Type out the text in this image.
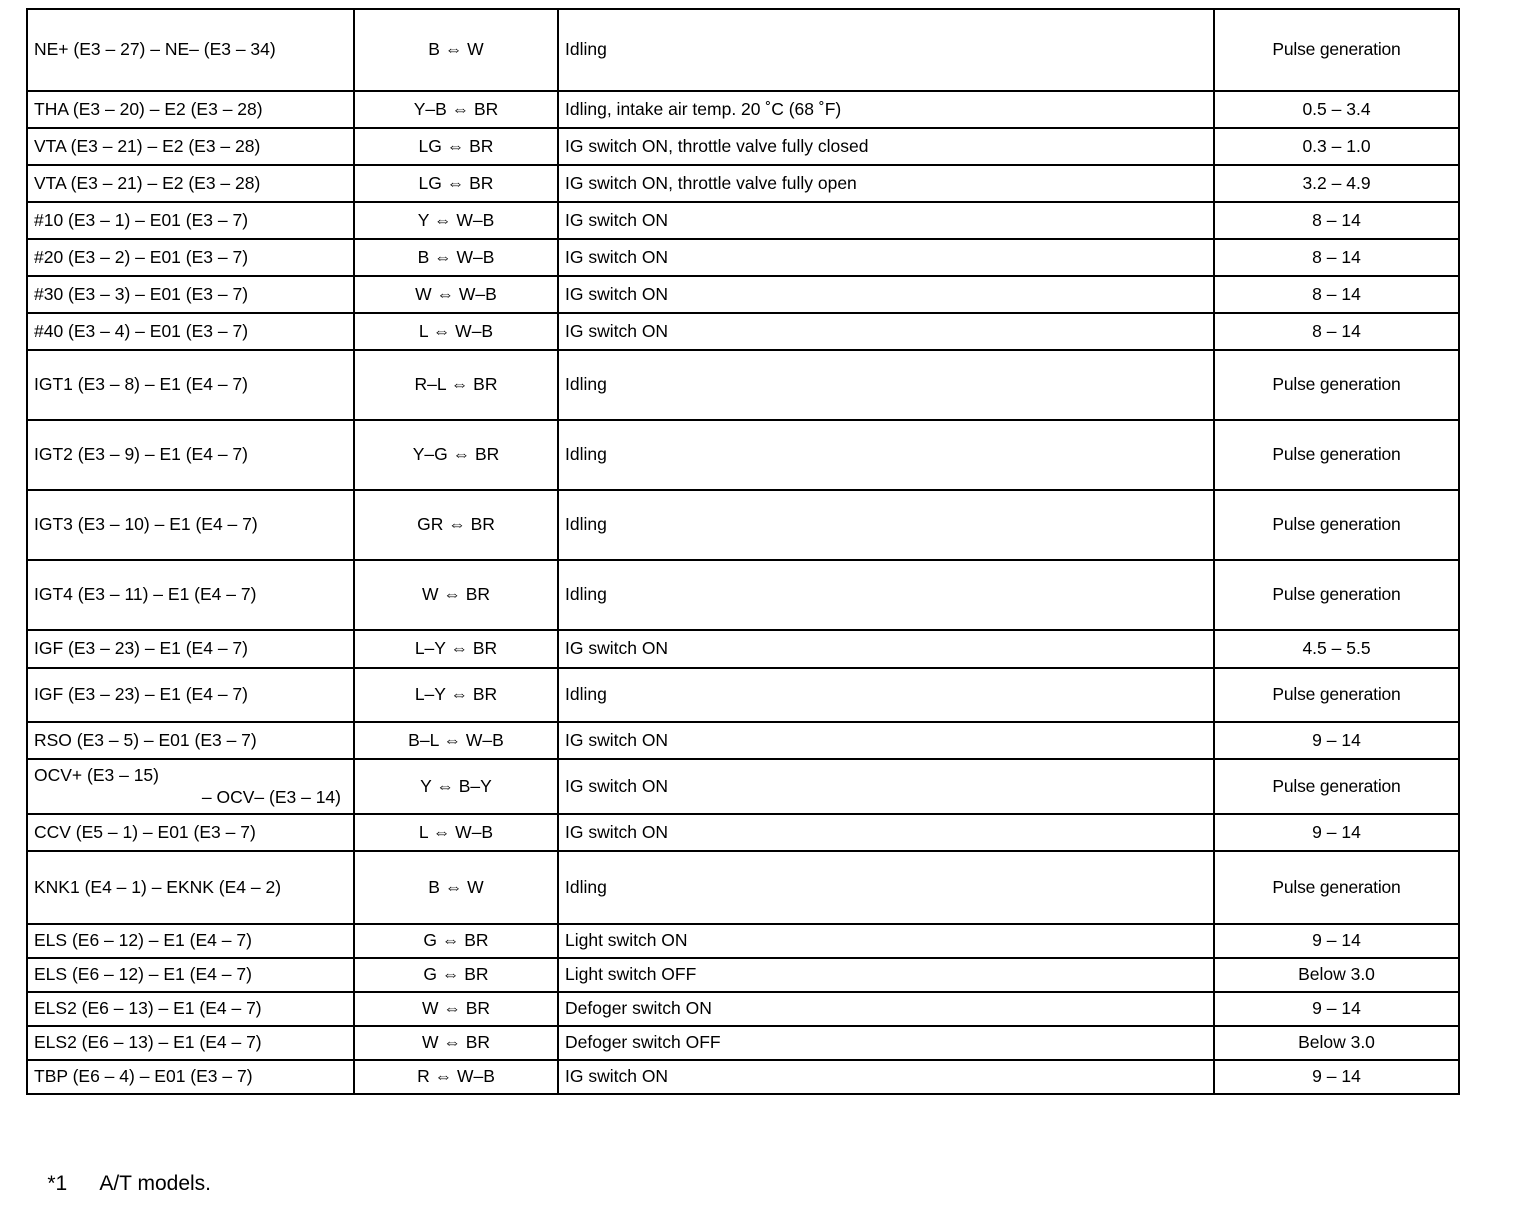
NE+ (E3 – 27) – NE– (E3 – 34)	B ⇔ W	Idling	Pulse generation
THA (E3 – 20) – E2 (E3 – 28)	Y–B ⇔ BR	Idling, intake air temp. 20 ˚C (68 ˚F)	0.5 – 3.4
VTA (E3 – 21) – E2 (E3 – 28)	LG ⇔ BR	IG switch ON, throttle valve fully closed	0.3 – 1.0
VTA (E3 – 21) – E2 (E3 – 28)	LG ⇔ BR	IG switch ON, throttle valve fully open	3.2 – 4.9
#10 (E3 – 1) – E01 (E3 – 7)	Y ⇔ W–B	IG switch ON	8 – 14
#20 (E3 – 2) – E01 (E3 – 7)	B ⇔ W–B	IG switch ON	8 – 14
#30 (E3 – 3) – E01 (E3 – 7)	W ⇔ W–B	IG switch ON	8 – 14
#40 (E3 – 4) – E01 (E3 – 7)	L ⇔ W–B	IG switch ON	8 – 14
IGT1 (E3 – 8) – E1 (E4 – 7)	R–L ⇔ BR	Idling	Pulse generation
IGT2 (E3 – 9) – E1 (E4 – 7)	Y–G ⇔ BR	Idling	Pulse generation
IGT3 (E3 – 10) – E1 (E4 – 7)	GR ⇔ BR	Idling	Pulse generation
IGT4 (E3 – 11) – E1 (E4 – 7)	W ⇔ BR	Idling	Pulse generation
IGF (E3 – 23) – E1 (E4 – 7)	L–Y ⇔ BR	IG switch ON	4.5 – 5.5
IGF (E3 – 23) – E1 (E4 – 7)	L–Y ⇔ BR	Idling	Pulse generation
RSO (E3 – 5) – E01 (E3 – 7)	B–L ⇔ W–B	IG switch ON	9 – 14
OCV+ (E3 – 15)
– OCV– (E3 – 14)	Y ⇔ B–Y	IG switch ON	Pulse generation
CCV (E5 – 1) – E01 (E3 – 7)	L ⇔ W–B	IG switch ON	9 – 14
KNK1 (E4 – 1) – EKNK (E4 – 2)	B ⇔ W	Idling	Pulse generation
ELS (E6 – 12) – E1 (E4 – 7)	G ⇔ BR	Light switch ON	9 – 14
ELS (E6 – 12) – E1 (E4 – 7)	G ⇔ BR	Light switch OFF	Below 3.0
ELS2 (E6 – 13) – E1 (E4 – 7)	W ⇔ BR	Defoger switch ON	9 – 14
ELS2 (E6 – 13) – E1 (E4 – 7)	W ⇔ BR	Defoger switch OFF	Below 3.0
TBP (E6 – 4) – E01 (E3 – 7)	R ⇔ W–B	IG switch ON	9 – 14

*1 A/T models.
